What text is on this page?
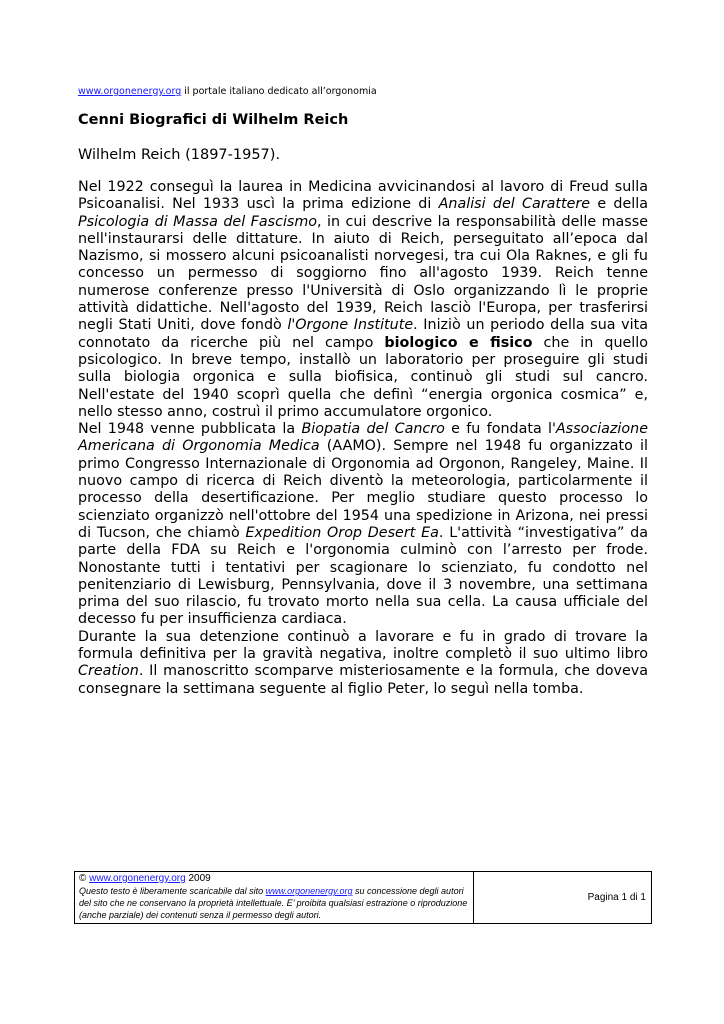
www.orgonenergy.org il portale italiano dedicato all’orgonomia
Cenni Biografici di Wilhelm Reich

Wilhelm Reich (1897-1957).

Nel 1922 conseguì la laurea in Medicina avvicinandosi al lavoro di Freud sulla Psicoanalisi. Nel 1933 uscì la prima edizione di Analisi del Carattere e della Psicologia di Massa del Fascismo, in cui descrive la responsabilità delle masse nell'instaurarsi delle dittature. In aiuto di Reich, perseguitato all’epoca dal Nazismo, si mossero alcuni psicoanalisti norvegesi, tra cui Ola Raknes, e gli fu concesso un permesso di soggiorno fino all'agosto 1939. Reich tenne numerose conferenze presso l'Università di Oslo organizzando lì le proprie attività didattiche. Nell'agosto del 1939, Reich lasciò l'Europa, per trasferirsi negli Stati Uniti, dove fondò l'Orgone Institute. Iniziò un periodo della sua vita connotato da ricerche più nel campo biologico e fisico che in quello psicologico. In breve tempo, installò un laboratorio per proseguire gli studi sulla biologia orgonica e sulla biofisica, continuò gli studi sul cancro. Nell'estate del 1940 scoprì quella che definì “energia orgonica cosmica” e, nello stesso anno, costruì il primo accumulatore orgonico.

Nel 1948 venne pubblicata la Biopatia del Cancro e fu fondata l'Associazione Americana di Orgonomia Medica (AAMO). Sempre nel 1948 fu organizzato il primo Congresso Internazionale di Orgonomia ad Orgonon, Rangeley, Maine. Il nuovo campo di ricerca di Reich diventò la meteorologia, particolarmente il processo della desertificazione. Per meglio studiare questo processo lo scienziato organizzò nell'ottobre del 1954 una spedizione in Arizona, nei pressi di Tucson, che chiamò Expedition Orop Desert Ea. L'attività “investigativa” da parte della FDA su Reich e l'orgonomia culminò con l’arresto per frode. Nonostante tutti i tentativi per scagionare lo scienziato, fu condotto nel penitenziario di Lewisburg, Pennsylvania, dove il 3 novembre, una settimana prima del suo rilascio, fu trovato morto nella sua cella. La causa ufficiale del decesso fu per insufficienza cardiaca.

Durante la sua detenzione continuò a lavorare e fu in grado di trovare la formula definitiva per la gravità negativa, inoltre completò il suo ultimo libro Creation. Il manoscritto scomparve misteriosamente e la formula, che doveva consegnare la settimana seguente al figlio Peter, lo seguì nella tomba.

© www.orgonenergy.org 2009
Questo testo è liberamente scaricabile dal sito www.orgonenergy.org su concessione degli autori del sito che ne conservano la proprietà intellettuale. E’ proibita qualsiasi estrazione o riproduzione (anche parziale) dei contenuti senza il permesso degli autori.
	Pagina 1 di 1
